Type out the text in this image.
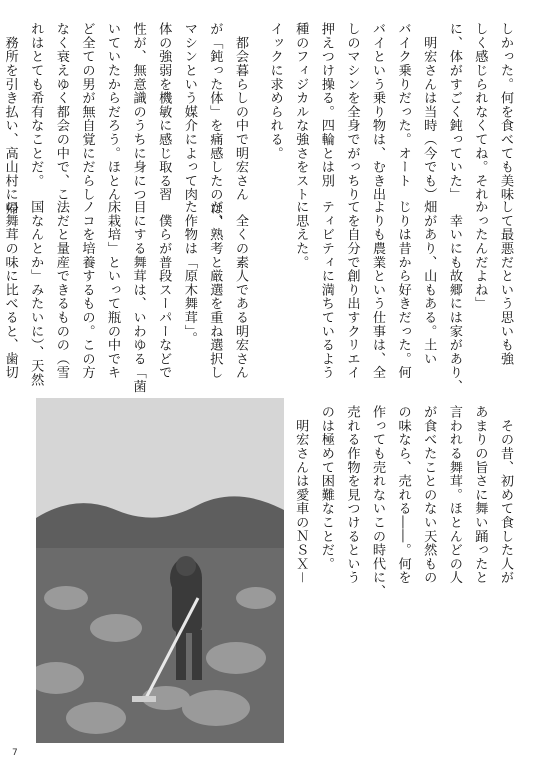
しかった。何を食べても美味
しく感じられなくてね。それ
に、体がすごく鈍っていた」
　明宏さんは当時（今でも）
バイク乗りだった。オート
バイという乗り物は、むき出
しのマシンを全身でがっちり
押えつけ操る。四輪とは別
種のフィジカルな強さをスト
イックに求められる。
　都会暮らしの中で明宏さん
が「鈍った体」を痛感したのは、
マシンという媒介によって肉
体の強弱を機敏に感じ取る習
性が、無意識のうちに身につ
いていたからだろう。ほとん
ど全ての男が無自覚にだらし
なく衰えゆく都会の中で、こ
れはとても希有なことだ。
　務所を引き払い、高山村に帰

して最悪だという思いも強
かったんだよね」
　幸いにも故郷には家があり、
畑があり、山もある。土い
じりは昔から好きだった。何
よりも農業という仕事は、全
てを自分で創り出すクリエイ
ティビティに満ちているよう
に思えた。
　全くの素人である明宏さん
が、熟考と厳選を重ね選択し
た作物は「原木舞茸」。
　僕らが普段スーパーなどで
目にする舞茸は、いわゆる「菌
床栽培」といって瓶の中でキ
ノコを培養するもの。この方
法だと量産できるものの（雪
国なんとか」みたいに）、天然
の舞茸の味に比べると、歯切

　その昔、初めて食した人が
あまりの旨さに舞い踊ったと
言われる舞茸。ほとんどの人
が食べたことのない天然もの
の味なら、売れる――。何を
作っても売れないこの時代に、
売れる作物を見つけるという
のは極めて困難なことだ。
　明宏さんは愛車のＮＳＸ－

7
